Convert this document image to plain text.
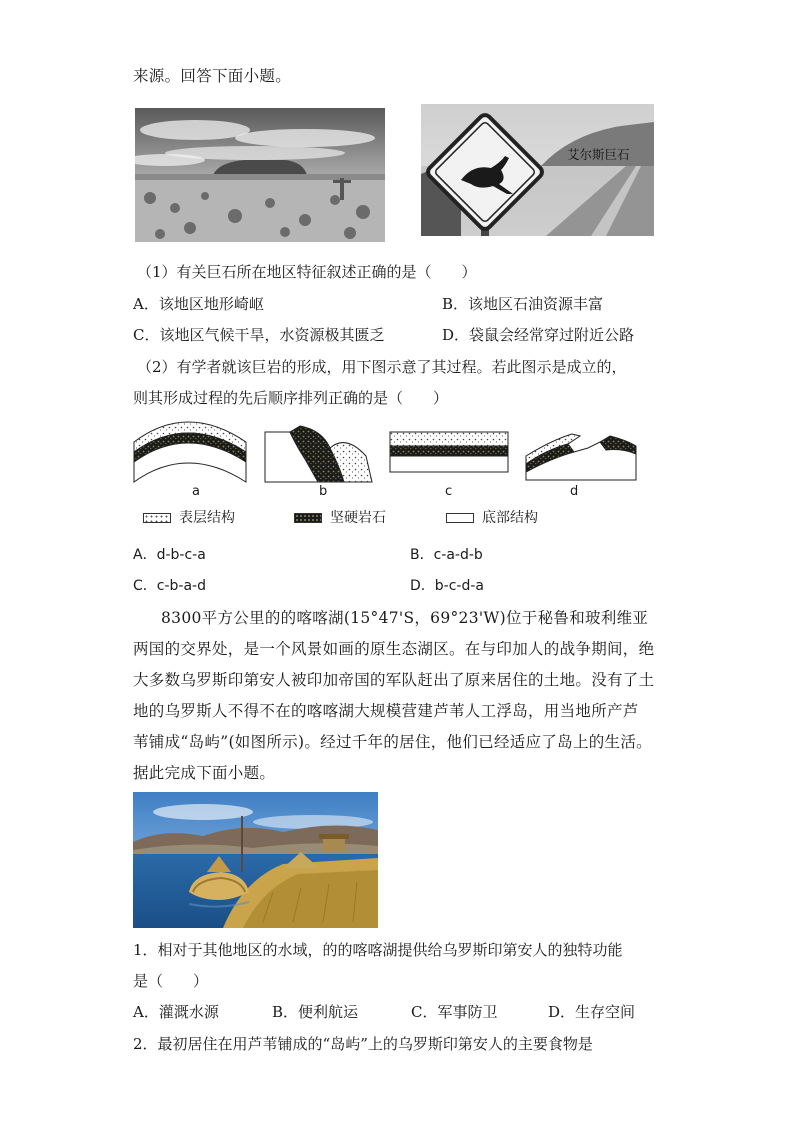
来源。回答下面小题。
艾尔斯巨石
（1）有关巨石所在地区特征叙述正确的是（　　）
A．该地区地形崎岖	B．该地区石油资源丰富
C．该地区气候干旱，水资源极其匮乏	D．袋鼠会经常穿过附近公路
（2）有学者就该巨岩的形成，用下图示意了其过程。若此图示是成立的，
则其形成过程的先后顺序排列正确的是（　　）
a	b	c	d
表层结构	坚硬岩石	底部结构
A．d-b-c-a	B．c-a-d-b
C．c-b-a-d	D．b-c-d-a
8300平方公里的的喀喀湖(15°47'S，69°23'W)位于秘鲁和玻利维亚
两国的交界处，是一个风景如画的原生态湖区。在与印加人的战争期间，绝
大多数乌罗斯印第安人被印加帝国的军队赶出了原来居住的土地。没有了土
地的乌罗斯人不得不在的喀喀湖大规模营建芦苇人工浮岛，用当地所产芦
苇铺成“岛屿”(如图所示)。经过千年的居住，他们已经适应了岛上的生活。
据此完成下面小题。
1．相对于其他地区的水域，的的喀喀湖提供给乌罗斯印第安人的独特功能
是（　　）
A．灌溉水源	B．便利航运	C．军事防卫	D．生存空间
2．最初居住在用芦苇铺成的“岛屿”上的乌罗斯印第安人的主要食物是
